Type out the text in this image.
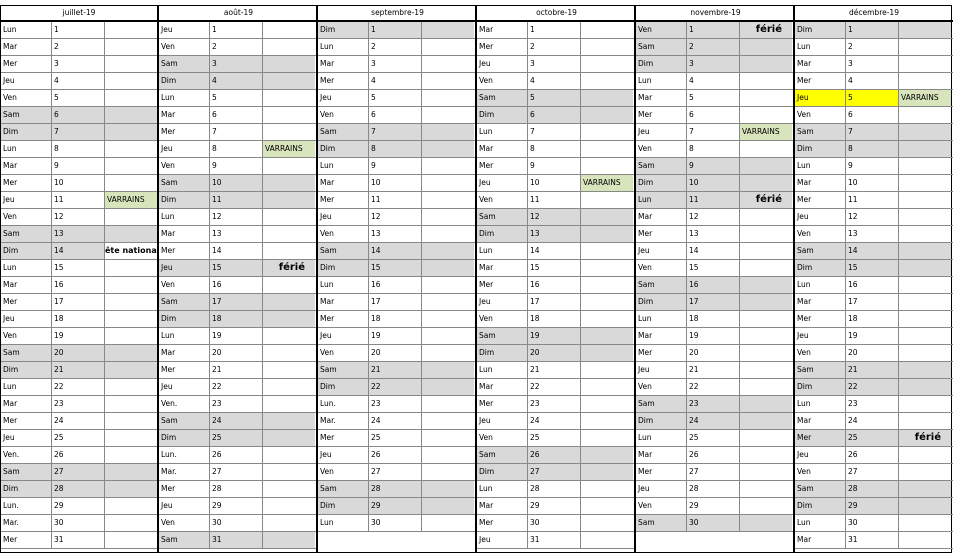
juillet-19
Lun	1
Mar	2
Mer	3
Jeu	4
Ven	5
Sam	6
Dim	7
Lun	8
Mar	9
Mer	10
Jeu	11	VARRAINS
Ven	12
Sam	13
Dim	14	ête national
Lun	15
Mar	16
Mer	17
Jeu	18
Ven	19
Sam	20
Dim	21
Lun	22
Mar	23
Mer	24
Jeu	25
Ven.	26
Sam	27
Dim	28
Lun.	29
Mar.	30
Mer	31
août-19
Jeu	1
Ven	2
Sam	3
Dim	4
Lun	5
Mar	6
Mer	7
Jeu	8	VARRAINS
Ven	9
Sam	10
Dim	11
Lun	12
Mar	13
Mer	14
Jeu	15	férié
Ven	16
Sam	17
Dim	18
Lun	19
Mar	20
Mer	21
Jeu	22
Ven.	23
Sam	24
Dim	25
Lun.	26
Mar.	27
Mer	28
Jeu	29
Ven	30
Sam	31
septembre-19
Dim	1
Lun	2
Mar	3
Mer	4
Jeu	5
Ven	6
Sam	7
Dim	8
Lun	9
Mar	10
Mer	11
Jeu	12
Ven	13
Sam	14
Dim	15
Lun	16
Mar	17
Mer	18
Jeu	19
Ven	20
Sam	21
Dim	22
Lun.	23
Mar.	24
Mer	25
Jeu	26
Ven	27
Sam	28
Dim	29
Lun	30
octobre-19
Mar	1
Mer	2
Jeu	3
Ven	4
Sam	5
Dim	6
Lun	7
Mar	8
Mer	9
Jeu	10	VARRAINS
Ven	11
Sam	12
Dim	13
Lun	14
Mar	15
Mer	16
Jeu	17
Ven	18
Sam	19
Dim	20
Lun	21
Mar	22
Mer	23
Jeu	24
Ven	25
Sam	26
Dim	27
Lun	28
Mar	29
Mer	30
Jeu	31
novembre-19
Ven	1	férié
Sam	2
Dim	3
Lun	4
Mar	5
Mer	6
Jeu	7	VARRAINS
Ven	8
Sam	9
Dim	10
Lun	11	férié
Mar	12
Mer	13
Jeu	14
Ven	15
Sam	16
Dim	17
Lun	18
Mar	19
Mer	20
Jeu	21
Ven	22
Sam	23
Dim	24
Lun	25
Mar	26
Mer	27
Jeu	28
Ven	29
Sam	30
décembre-19
Dim	1
Lun	2
Mar	3
Mer	4
Jeu	5	VARRAINS
Ven	6
Sam	7
Dim	8
Lun	9
Mar	10
Mer	11
Jeu	12
Ven	13
Sam	14
Dim	15
Lun	16
Mar	17
Mer	18
Jeu	19
Ven	20
Sam	21
Dim	22
Lun	23
Mar	24
Mer	25	férié
Jeu	26
Ven	27
Sam	28
Dim	29
Lun	30
Mar	31
